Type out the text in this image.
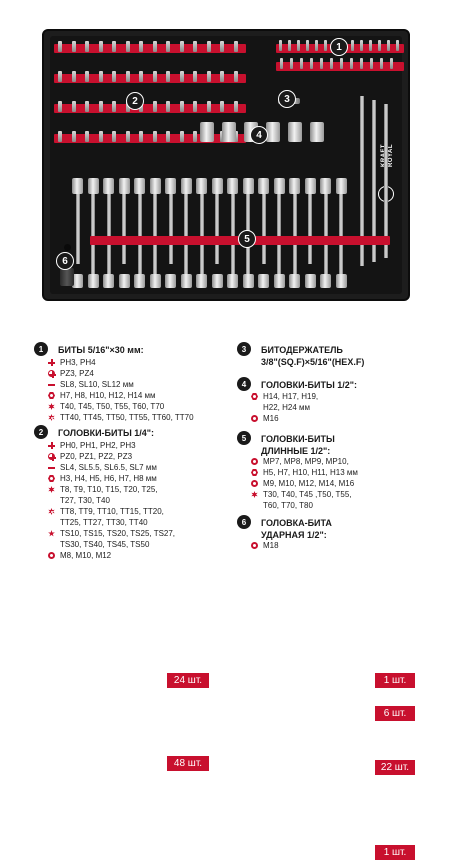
ROYAL
1
2	3
4
5
6
1	БИТЫ 5/16"×30 мм:
24 шт.
PH3, PH4
PZ3, PZ4
SL8, SL10, SL12 мм
H7, H8, H10, H12, H14 мм
T40, T45, T50, T55, T60, T70
TT40, TT45, TT50, TT55, TT60, TT70
2	ГОЛОВКИ-БИТЫ 1/4":
48 шт.
PH0, PH1, PH2, PH3
PZ0, PZ1, PZ2, PZ3
SL4, SL5.5, SL6.5, SL7 мм
H3, H4, H5, H6, H7, H8 мм
T8, T9, T10, T15, T20, T25,
T27, T30, T40
TT8, TT9, TT10, TT15, TT20,
TT25, TT27, TT30, TT40
TS10, TS15, TS20, TS25, TS27,
TS30, TS40, TS45, TS50
M8, M10, M12
3	БИТОДЕРЖАТЕЛЬ
3/8"(SQ.F)×5/16"(HEX.F)
1 шт.
4	ГОЛОВКИ-БИТЫ 1/2":
6 шт.
H14, H17, H19,
H22, H24 мм
M16
5	ГОЛОВКИ-БИТЫ
ДЛИННЫЕ 1/2":
22 шт.
MP7, MP8, MP9, MP10,
H5, H7, H10, H11, H13 мм
M9, M10, M12, M14, M16
T30, T40, T45 ,T50, T55,
T60, T70, T80
6	ГОЛОВКА-БИТА
УДАРНАЯ 1/2":
1 шт.
M18
